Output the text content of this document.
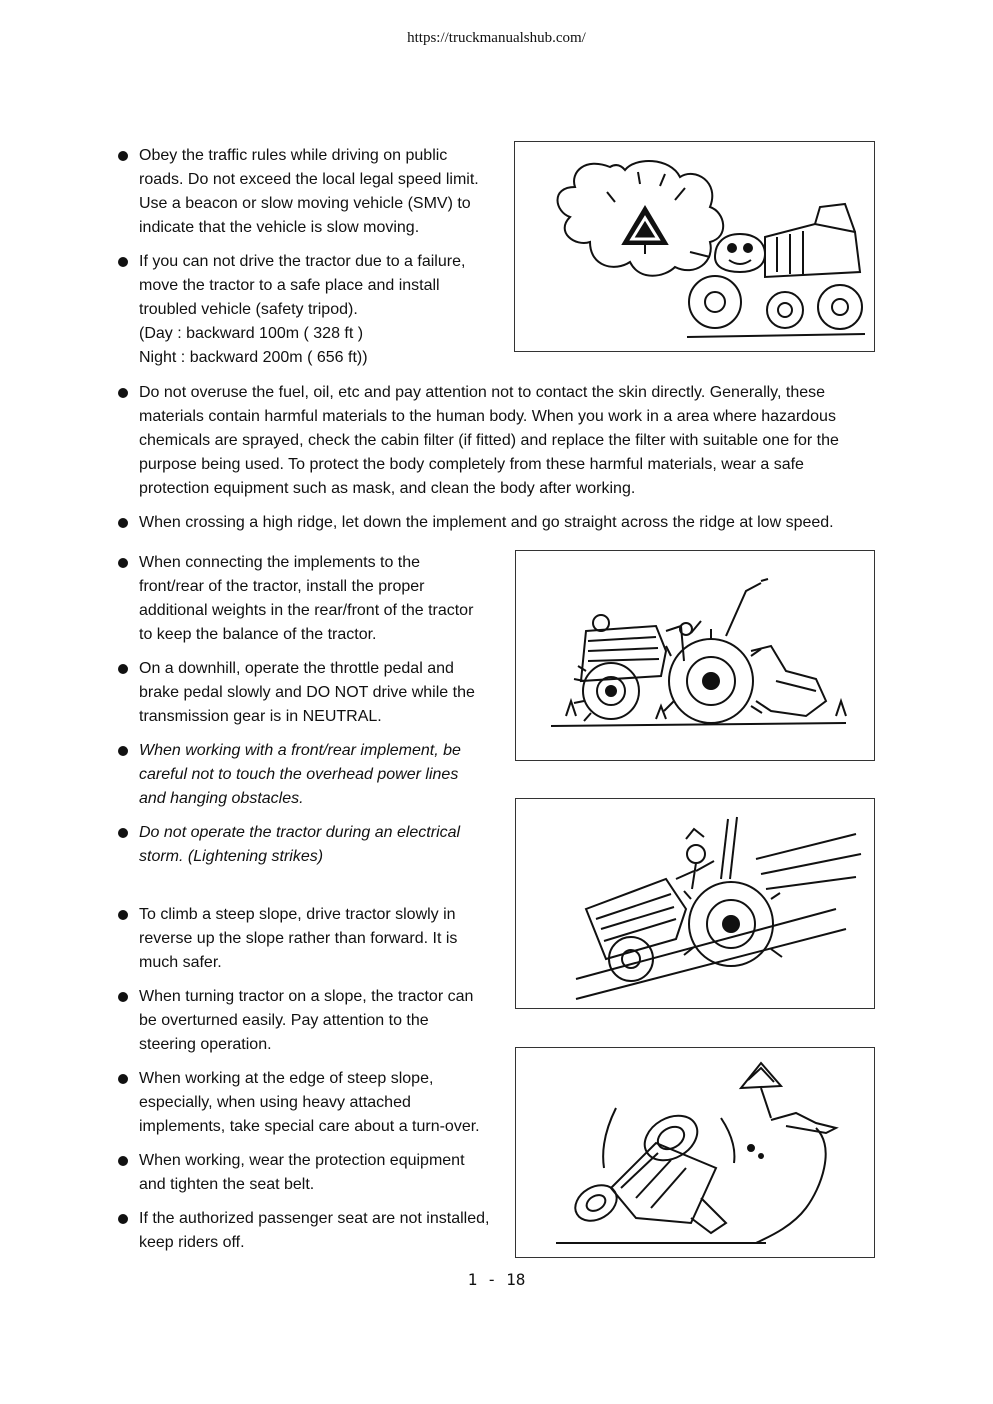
https://truckmanualshub.com/
Obey the traffic rules while driving on public
roads. Do not exceed the local legal speed limit.
Use a beacon or slow moving vehicle (SMV) to
indicate that the vehicle is slow moving.
If you can not drive the tractor due to a failure,
move the tractor to a safe place and install
troubled vehicle (safety tripod).
(Day : backward 100m ( 328 ft )
Night : backward 200m ( 656 ft))
Do not overuse the fuel, oil, etc and pay attention not to contact the skin directly. Generally, these
materials contain harmful materials to the human body. When you work in a area where hazardous
chemicals are sprayed, check the cabin filter (if fitted) and replace the filter with suitable one for the
purpose being used. To protect the body completely from these harmful materials, wear a safe
protection equipment such as mask, and clean the body after working.
When crossing a high ridge, let down the implement and go straight across the ridge at low speed.
When connecting the implements to the
front/rear of the tractor, install the proper
additional weights in the rear/front of the tractor
to keep the balance of the tractor.
On a downhill, operate the throttle pedal and
brake pedal slowly and DO NOT drive while the
transmission gear is in NEUTRAL.
When working with a front/rear implement, be
careful not to touch the overhead power lines
and hanging obstacles.
Do not operate the tractor during an electrical
storm. (Lightening strikes)
To climb a steep slope, drive tractor slowly in
reverse up the slope rather than forward. It is
much safer.
When turning tractor on a slope, the tractor can
be overturned easily. Pay attention to the
steering operation.
When working at the edge of steep slope,
especially, when using heavy attached
implements, take special care about a turn-over.
When working, wear the protection equipment
and tighten the seat belt.
If the authorized passenger seat are not installed,
keep riders off.
1 - 18
